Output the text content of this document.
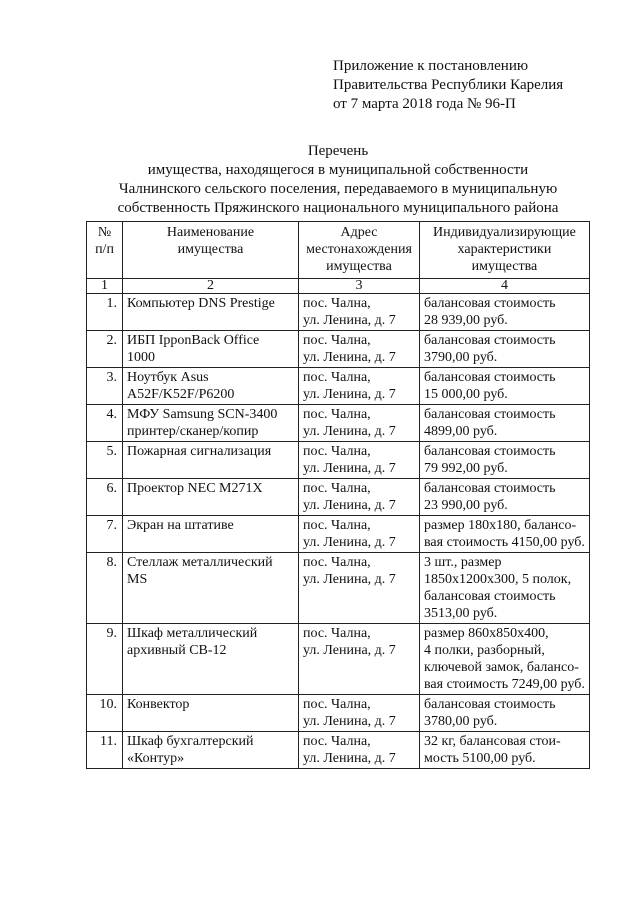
Приложение к постановлению
Правительства Республики Карелия
от 7 марта 2018 года № 96-П
Перечень
имущества, находящегося в муниципальной собственности
Чалнинского сельского поселения, передаваемого в муниципальную
собственность Пряжинского национального муниципального района
№
п/п	Наименование
имущества	Адрес
местонахождения
имущества	Индивидуализирующие
характеристики
имущества

1	2	3	4
1.	Компьютер DNS Prestige	пос. Чална,
ул. Ленина, д. 7	балансовая стоимость
28 939,00 руб.

2.	ИБП IpponBack Office
1000	пос. Чална,
ул. Ленина, д. 7	балансовая стоимость
3790,00 руб.

3.	Ноутбук Asus
A52F/K52F/P6200	пос. Чална,
ул. Ленина, д. 7	балансовая стоимость
15 000,00 руб.

4.	МФУ Samsung SCN-3400
принтер/сканер/копир	пос. Чална,
ул. Ленина, д. 7	балансовая стоимость
4899,00 руб.

5.	Пожарная сигнализация	пос. Чална,
ул. Ленина, д. 7	балансовая стоимость
79 992,00 руб.

6.	Проектор NEC M271X	пос. Чална,
ул. Ленина, д. 7	балансовая стоимость
23 990,00 руб.

7.	Экран на штативе	пос. Чална,
ул. Ленина, д. 7	размер 180x180, балансо-
вая стоимость 4150,00 руб.

8.	Стеллаж металлический
MS	пос. Чална,
ул. Ленина, д. 7	3 шт., размер
1850x1200x300, 5 полок,
балансовая стоимость
3513,00 руб.

9.	Шкаф металлический
архивный СВ-12	пос. Чална,
ул. Ленина, д. 7	размер 860x850x400,
4 полки, разборный,
ключевой замок, балансо-
вая стоимость 7249,00 руб.

10.	Конвектор	пос. Чална,
ул. Ленина, д. 7	балансовая стоимость
3780,00 руб.

11.	Шкаф бухгалтерский
«Контур»	пос. Чална,
ул. Ленина, д. 7	32 кг, балансовая стои-
мость 5100,00 руб.
